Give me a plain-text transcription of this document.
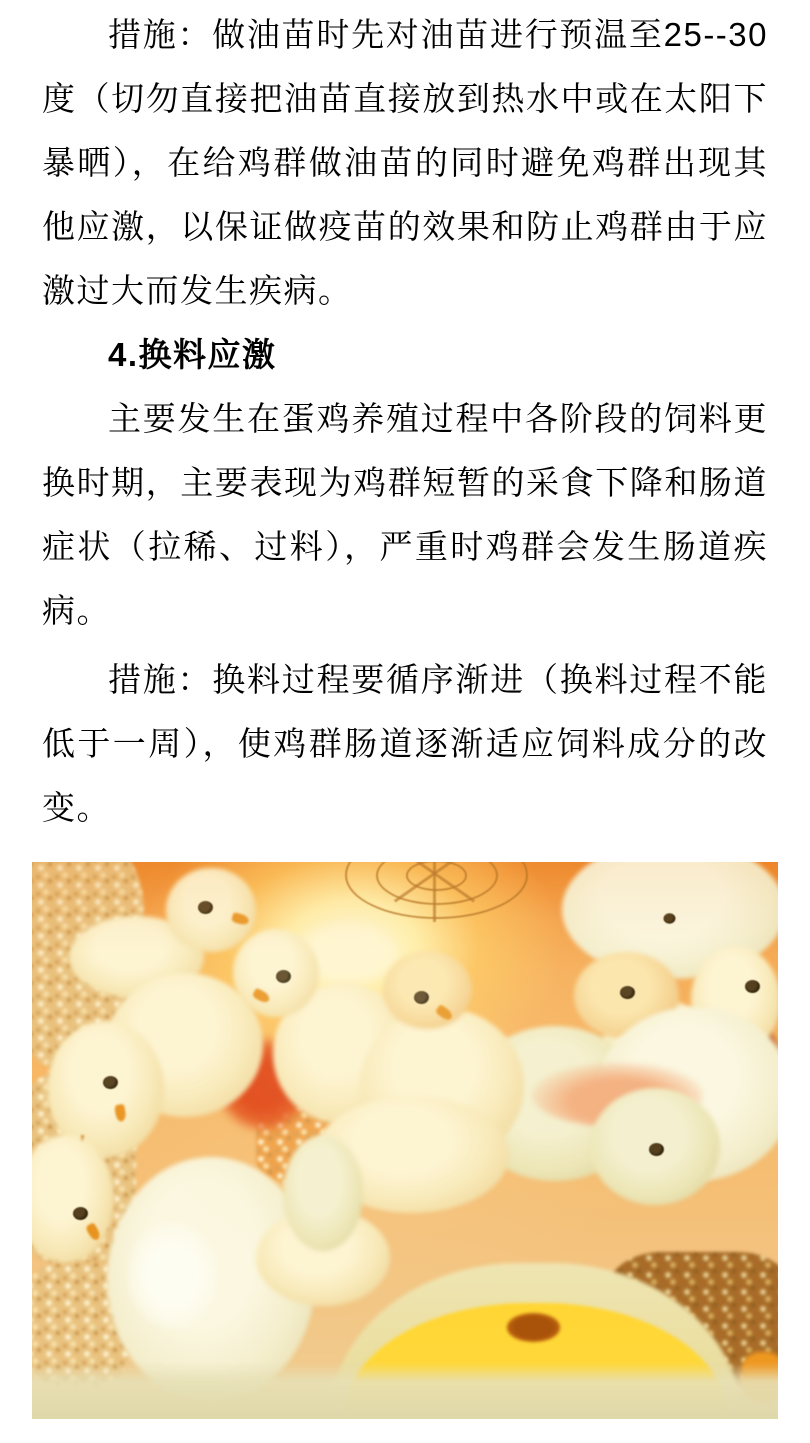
措施：做油苗时先对油苗进行预温至25--30度（切勿直接把油苗直接放到热水中或在太阳下暴晒），在给鸡群做油苗的同时避免鸡群出现其他应激，以保证做疫苗的效果和防止鸡群由于应激过大而发生疾病。

4.换料应激

主要发生在蛋鸡养殖过程中各阶段的饲料更换时期，主要表现为鸡群短暂的采食下降和肠道症状（拉稀、过料），严重时鸡群会发生肠道疾病。

措施：换料过程要循序渐进（换料过程不能低于一周），使鸡群肠道逐渐适应饲料成分的改变。
